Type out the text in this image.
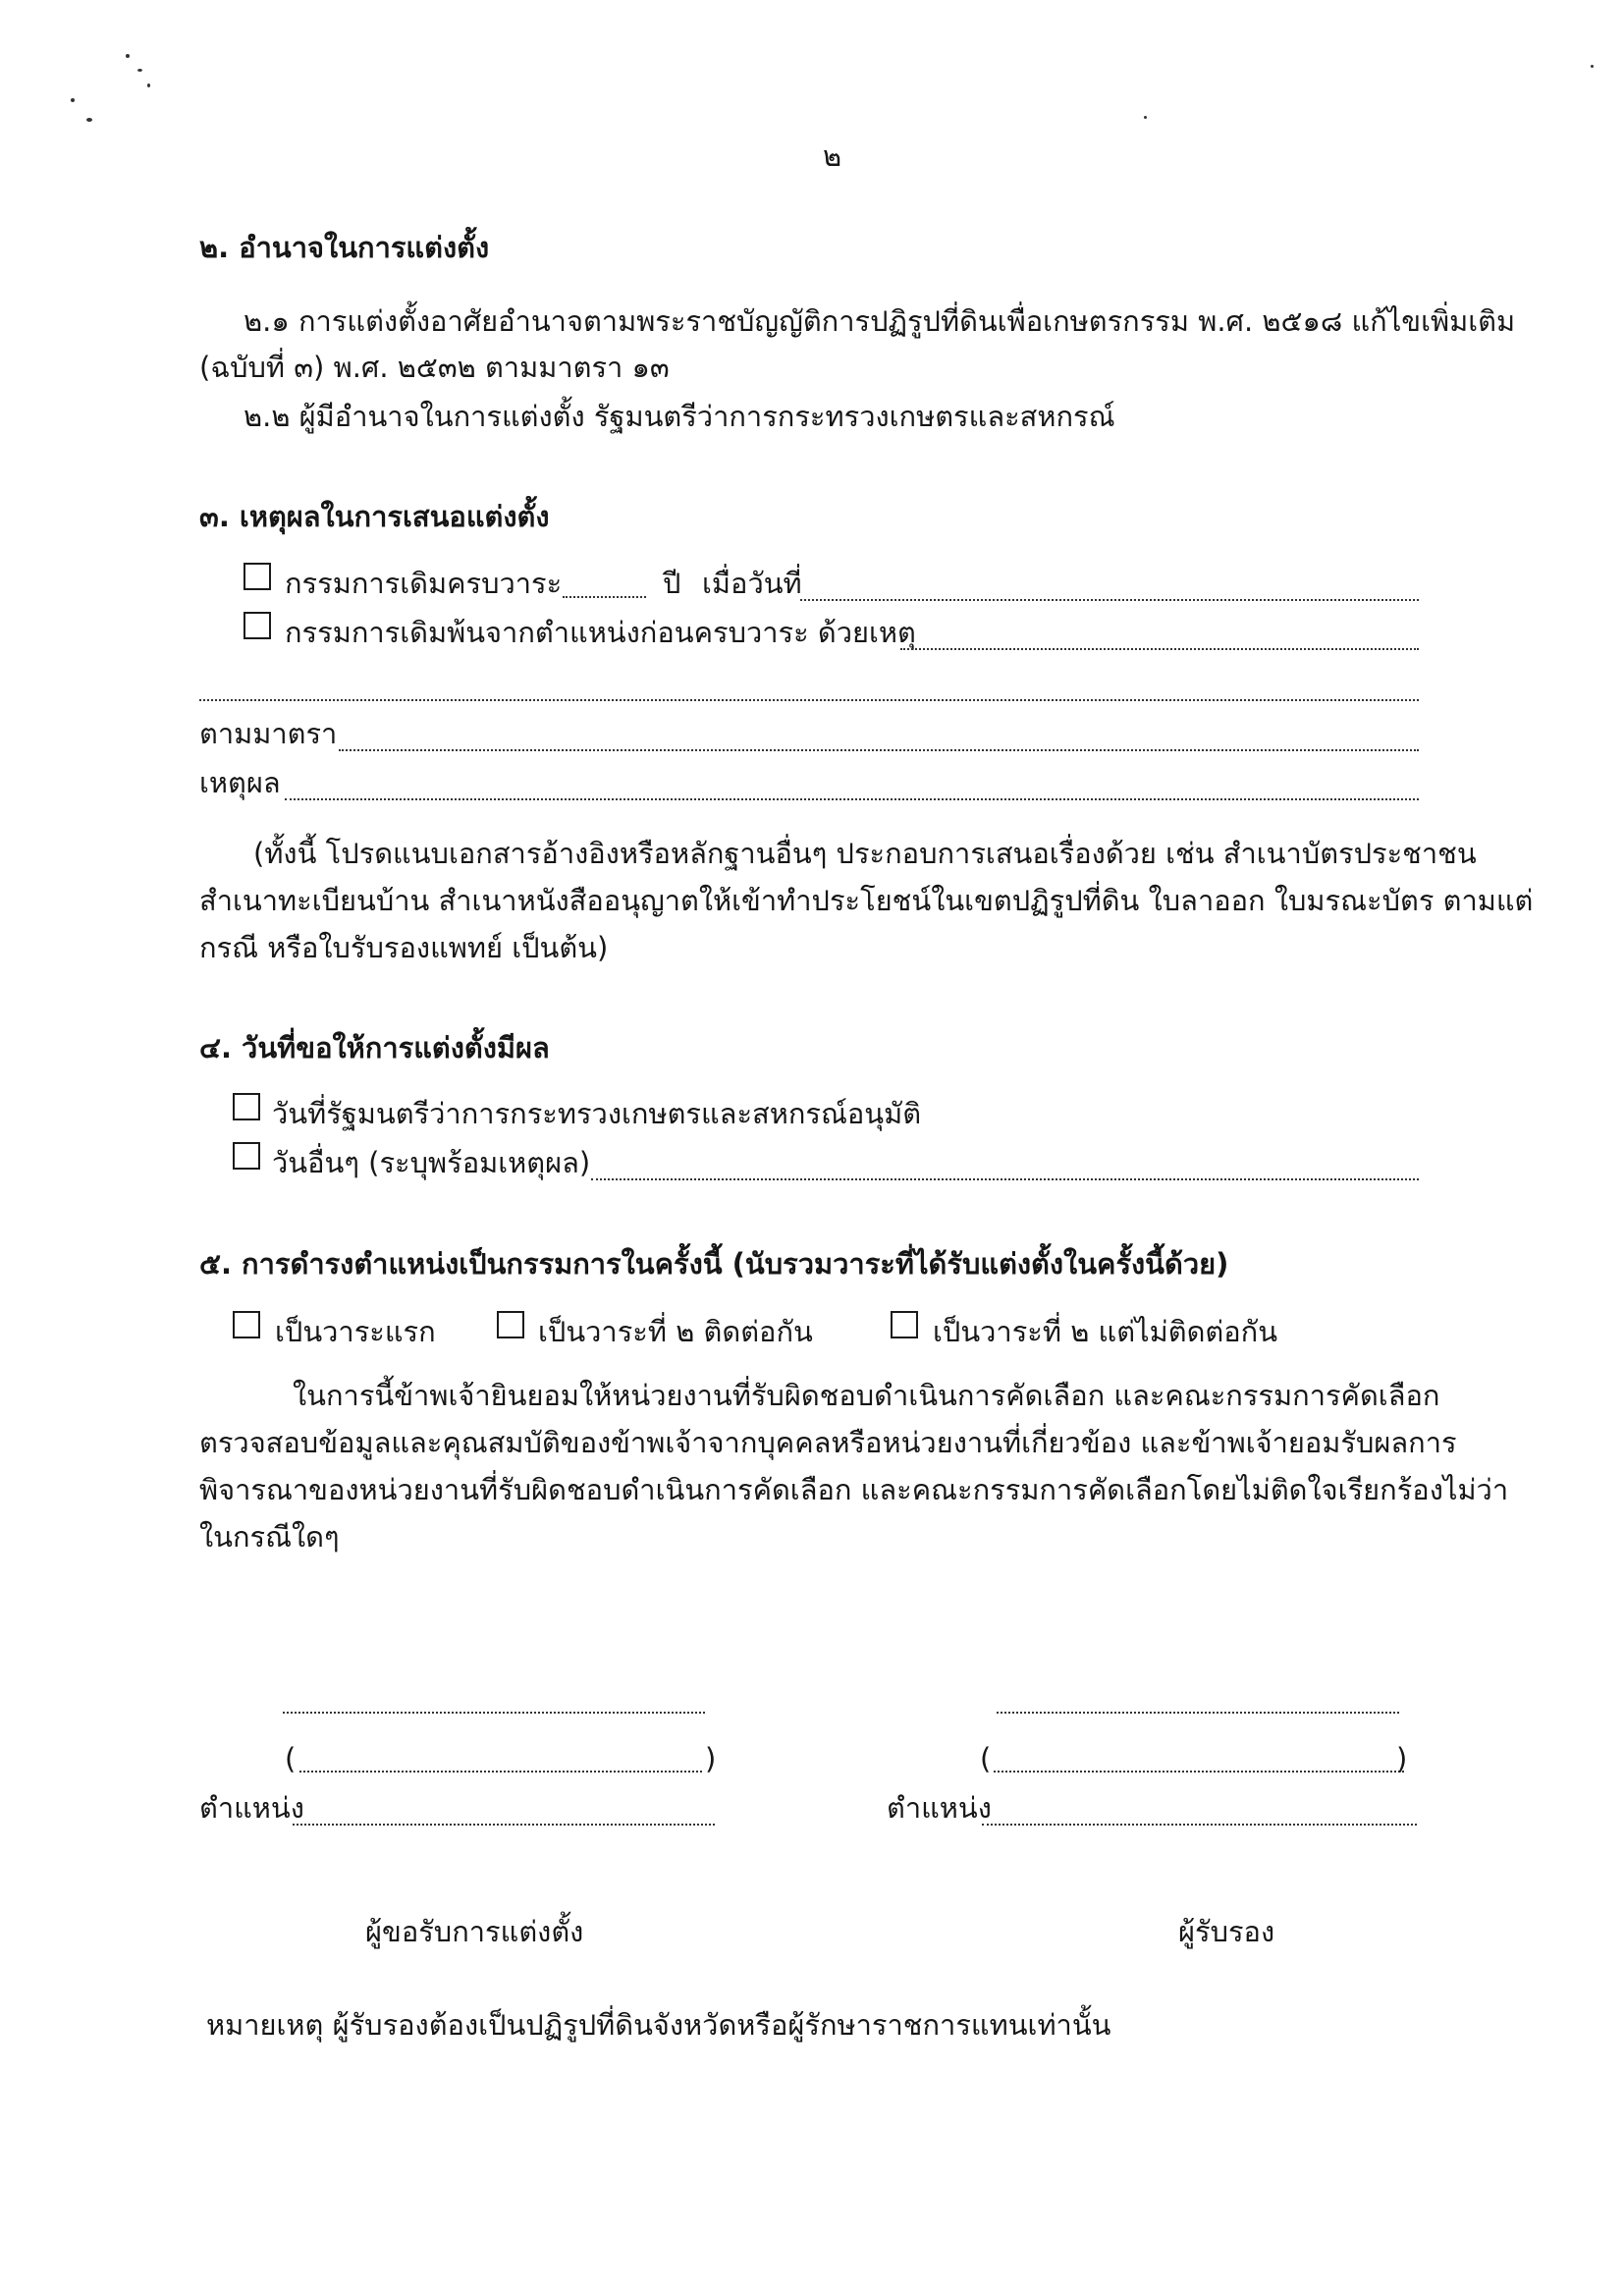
๒
๒. อำนาจในการแต่งตั้ง
๒.๑ การแต่งตั้งอาศัยอำนาจตามพระราชบัญญัติการปฏิรูปที่ดินเพื่อเกษตรกรรม พ.ศ. ๒๕๑๘ แก้ไขเพิ่มเติม
(ฉบับที่ ๓) พ.ศ. ๒๕๓๒ ตามมาตรา ๑๓
๒.๒ ผู้มีอำนาจในการแต่งตั้ง รัฐมนตรีว่าการกระทรวงเกษตรและสหกรณ์
๓. เหตุผลในการเสนอแต่งตั้ง
กรรมการเดิมครบวาระ	ปี เมื่อวันที่
กรรมการเดิมพ้นจากตำแหน่งก่อนครบวาระ ด้วยเหตุ
ตามมาตรา
เหตุผล
(ทั้งนี้ โปรดแนบเอกสารอ้างอิงหรือหลักฐานอื่นๆ ประกอบการเสนอเรื่องด้วย เช่น สำเนาบัตรประชาชน
สำเนาทะเบียนบ้าน สำเนาหนังสืออนุญาตให้เข้าทำประโยชน์ในเขตปฏิรูปที่ดิน ใบลาออก ใบมรณะบัตร ตามแต่
กรณี หรือใบรับรองแพทย์ เป็นต้น)
๔. วันที่ขอให้การแต่งตั้งมีผล
วันที่รัฐมนตรีว่าการกระทรวงเกษตรและสหกรณ์อนุมัติ
วันอื่นๆ (ระบุพร้อมเหตุผล)
๕. การดำรงตำแหน่งเป็นกรรมการในครั้งนี้ (นับรวมวาระที่ได้รับแต่งตั้งในครั้งนี้ด้วย)
เป็นวาระแรก	เป็นวาระที่ ๒ ติดต่อกัน	เป็นวาระที่ ๒ แต่ไม่ติดต่อกัน
ในการนี้ข้าพเจ้ายินยอมให้หน่วยงานที่รับผิดชอบดำเนินการคัดเลือก และคณะกรรมการคัดเลือก
ตรวจสอบข้อมูลและคุณสมบัติของข้าพเจ้าจากบุคคลหรือหน่วยงานที่เกี่ยวข้อง และข้าพเจ้ายอมรับผลการ
พิจารณาของหน่วยงานที่รับผิดชอบดำเนินการคัดเลือก และคณะกรรมการคัดเลือกโดยไม่ติดใจเรียกร้องไม่ว่า
ในกรณีใดๆ
(	)
ตำแหน่ง
(	)
ตำแหน่ง
ผู้ขอรับการแต่งตั้ง	ผู้รับรอง
หมายเหตุ ผู้รับรองต้องเป็นปฏิรูปที่ดินจังหวัดหรือผู้รักษาราชการแทนเท่านั้น
